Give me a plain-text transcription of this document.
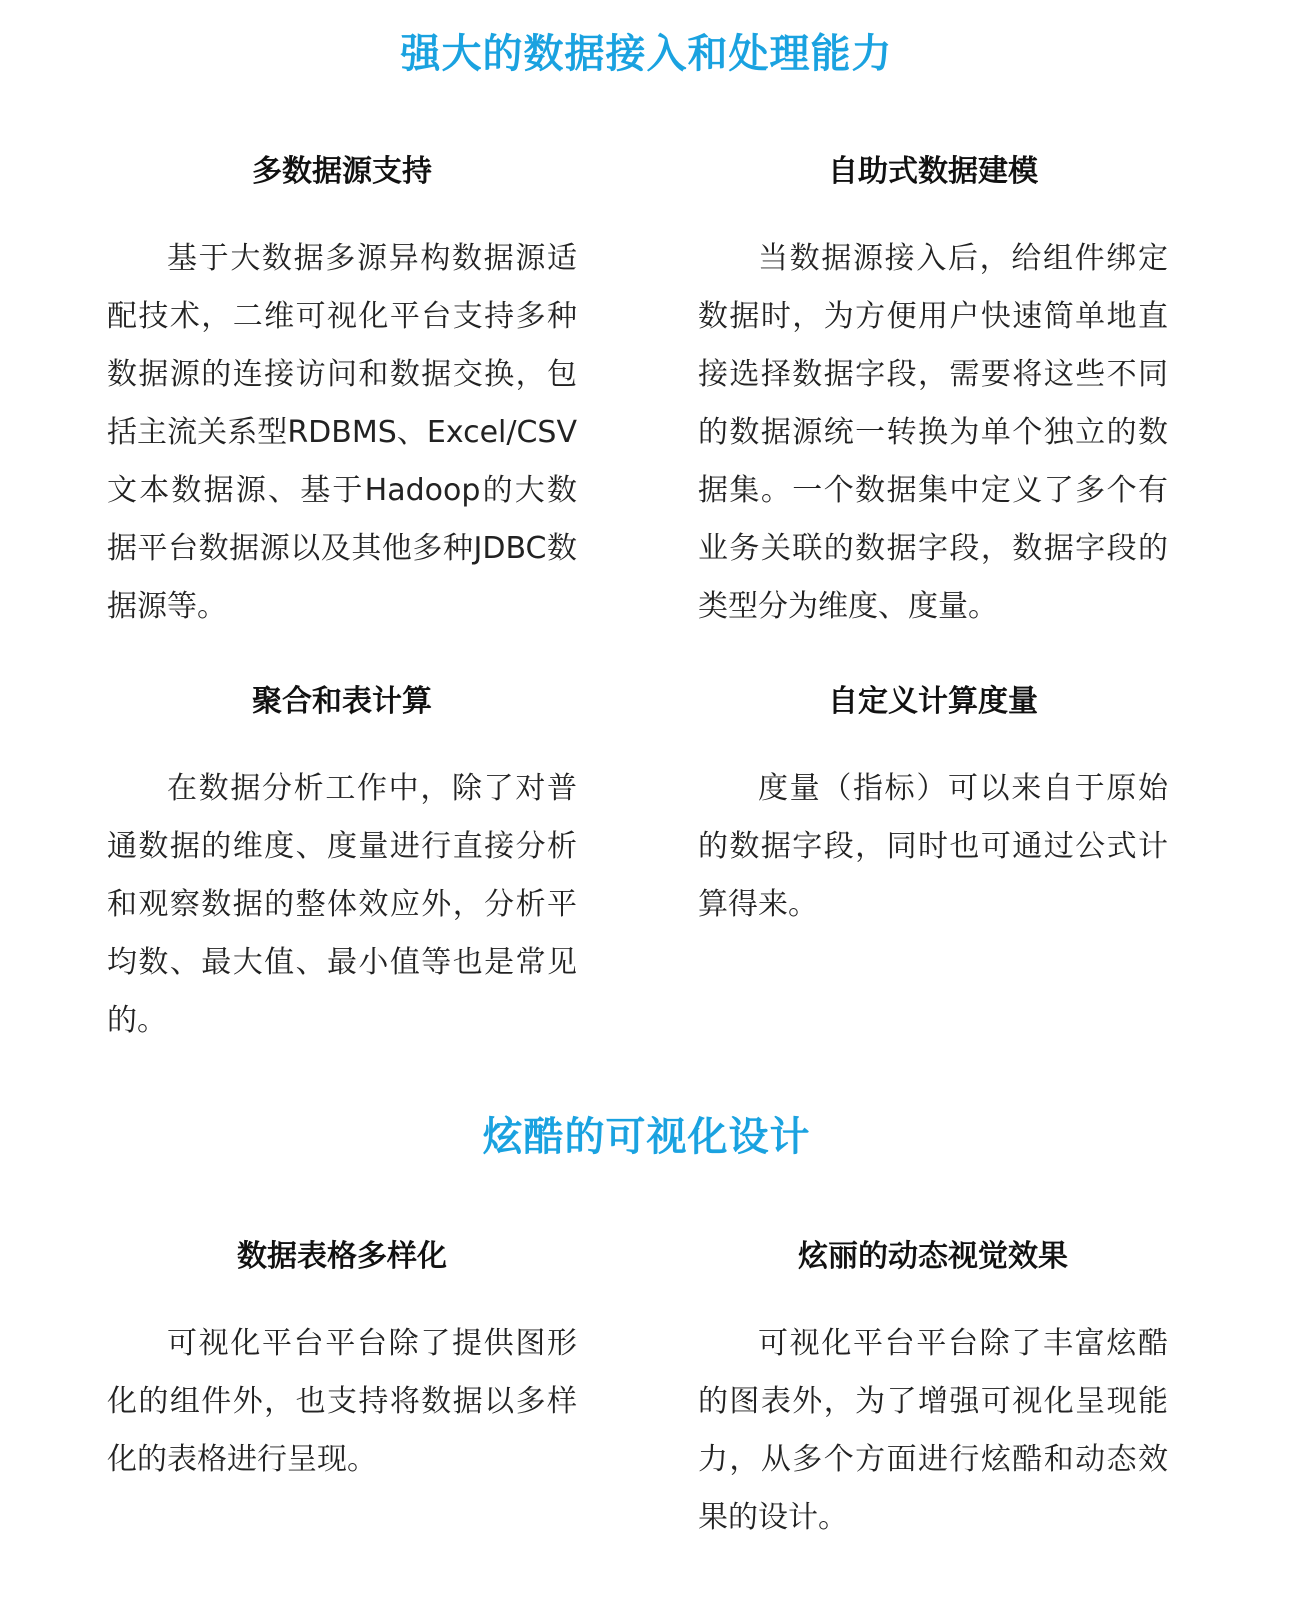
强大的数据接入和处理能力
多数据源支持

基于大数据多源异构数据源适配技术，二维可视化平台支持多种数据源的连接访问和数据交换，包括主流关系型RDBMS、Excel/CSV文本数据源、基于Hadoop的大数据平台数据源以及其他多种JDBC数据源等。

自助式数据建模

当数据源接入后，给组件绑定数据时，为方便用户快速简单地直接选择数据字段，需要将这些不同的数据源统一转换为单个独立的数据集。一个数据集中定义了多个有业务关联的数据字段，数据字段的类型分为维度、度量。

聚合和表计算

在数据分析工作中，除了对普通数据的维度、度量进行直接分析和观察数据的整体效应外，分析平均数、最大值、最小值等也是常见的。

自定义计算度量

度量（指标）可以来自于原始的数据字段，同时也可通过公式计算得来。

炫酷的可视化设计
数据表格多样化

可视化平台平台除了提供图形化的组件外，也支持将数据以多样化的表格进行呈现。

炫丽的动态视觉效果

可视化平台平台除了丰富炫酷的图表外，为了增强可视化呈现能力，从多个方面进行炫酷和动态效果的设计。
